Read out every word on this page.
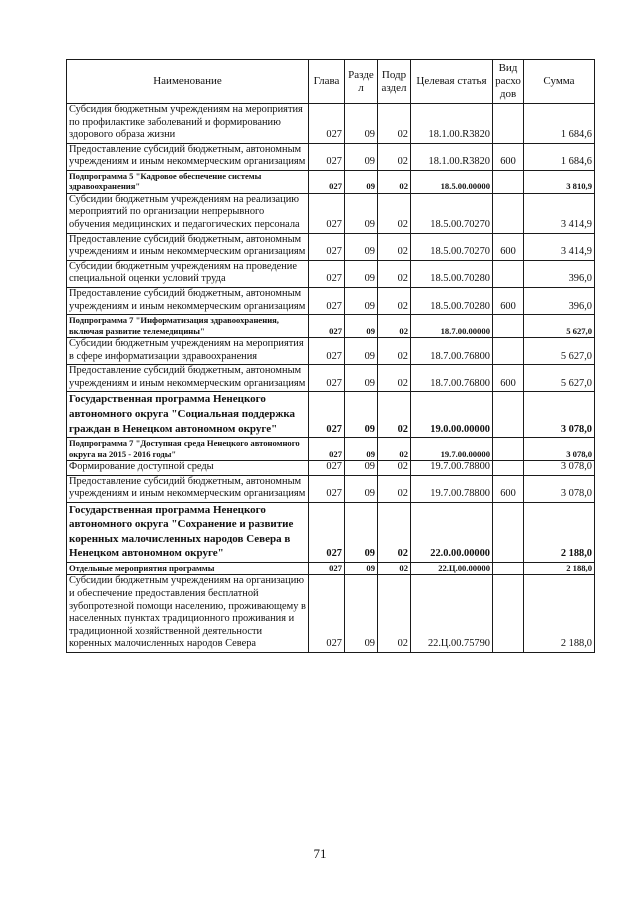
Наименование	Глава	Разде л	Подр аздел	Целевая статья	Вид расхо дов	Сумма
Субсидия бюджетным учреждениям на мероприятия по профилактике заболеваний и формированию здорового образа жизни	027	09	02	18.1.00.R3820		1 684,6
Предоставление субсидий бюджетным, автономным учреждениям и иным некоммерческим организациям	027	09	02	18.1.00.R3820	600	1 684,6
Подпрограмма 5 "Кадровое обеспечение системы здравоохранения"	027	09	02	18.5.00.00000		3 810,9
Субсидии бюджетным учреждениям на реализацию мероприятий по организации непрерывного обучения медицинских и педагогических персонала	027	09	02	18.5.00.70270		3 414,9
Предоставление субсидий бюджетным, автономным учреждениям и иным некоммерческим организациям	027	09	02	18.5.00.70270	600	3 414,9
Субсидии бюджетным учреждениям на проведение специальной оценки условий труда	027	09	02	18.5.00.70280		396,0
Предоставление субсидий бюджетным, автономным учреждениям и иным некоммерческим организациям	027	09	02	18.5.00.70280	600	396,0
Подпрограмма 7 "Информатизация здравоохранения, включая развитие телемедицины"	027	09	02	18.7.00.00000		5 627,0
Субсидии бюджетным учреждениям на мероприятия в сфере информатизации здравоохранения	027	09	02	18.7.00.76800		5 627,0
Предоставление субсидий бюджетным, автономным учреждениям и иным некоммерческим организациям	027	09	02	18.7.00.76800	600	5 627,0
Государственная программа Ненецкого автономного округа "Социальная поддержка граждан в Ненецком автономном округе"	027	09	02	19.0.00.00000		3 078,0
Подпрограмма 7 "Доступная среда Ненецкого автономного округа на 2015 - 2016 годы"	027	09	02	19.7.00.00000		3 078,0
Формирование доступной среды	027	09	02	19.7.00.78800		3 078,0
Предоставление субсидий бюджетным, автономным учреждениям и иным некоммерческим организациям	027	09	02	19.7.00.78800	600	3 078,0
Государственная программа Ненецкого автономного округа "Сохранение и развитие коренных малочисленных народов Севера в Ненецком автономном округе"	027	09	02	22.0.00.00000		2 188,0
Отдельные мероприятия программы	027	09	02	22.Ц.00.00000		2 188,0
Субсидии бюджетным учреждениям на организацию и обеспечение предоставления бесплатной зубопротезной помощи населению, проживающему в населенных пунктах традиционного проживания и традиционной хозяйственной деятельности коренных малочисленных народов Севера	027	09	02	22.Ц.00.75790		2 188,0
71
